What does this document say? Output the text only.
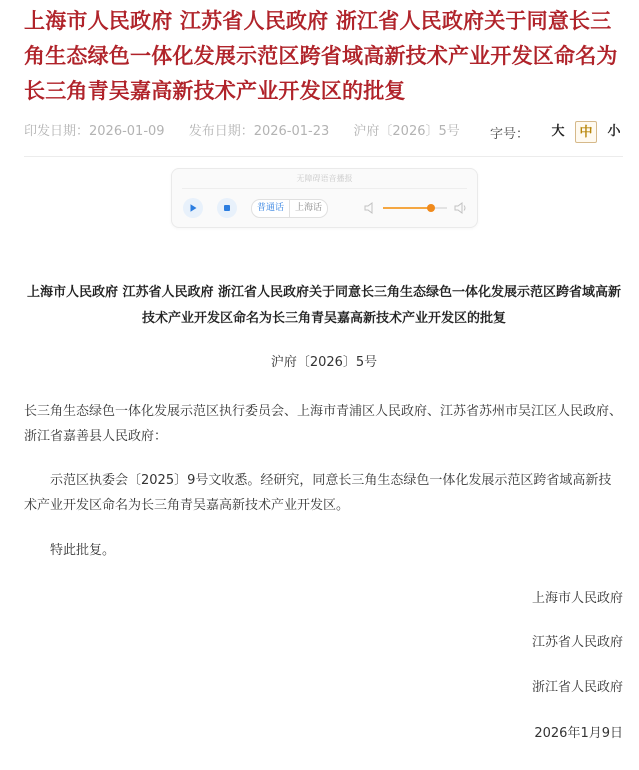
上海市人民政府 江苏省人民政府 浙江省人民政府关于同意长三角生态绿色一体化发展示范区跨省域高新技术产业开发区命名为长三角青吴嘉高新技术产业开发区的批复
印发日期：2026-01-09 发布日期：2026-01-23 沪府〔2026〕5号	字号：	大	中	小
无障碍语音播报
普通话	上海话
上海市人民政府 江苏省人民政府 浙江省人民政府关于同意长三角生态绿色一体化发展示范区跨省域高新技术产业开发区命名为长三角青吴嘉高新技术产业开发区的批复
沪府〔2026〕5号

长三角生态绿色一体化发展示范区执行委员会、上海市青浦区人民政府、江苏省苏州市吴江区人民政府、浙江省嘉善县人民政府：

示范区执委会〔2025〕9号文收悉。经研究，同意长三角生态绿色一体化发展示范区跨省域高新技术产业开发区命名为长三角青吴嘉高新技术产业开发区。

特此批复。

上海市人民政府
江苏省人民政府
浙江省人民政府
2026年1月9日
